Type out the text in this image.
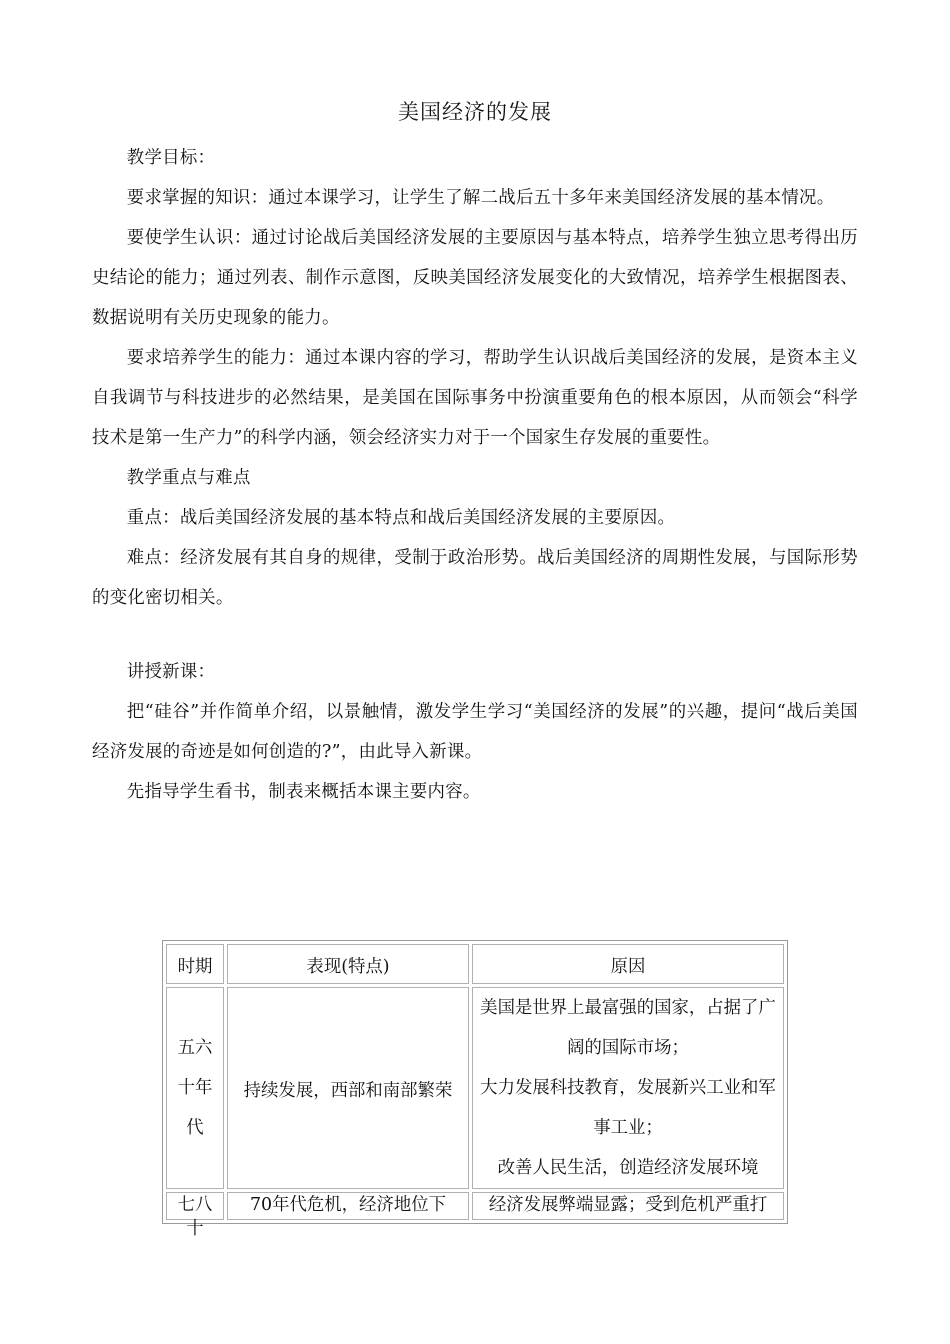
美国经济的发展

教学目标：

要求掌握的知识：通过本课学习，让学生了解二战后五十多年来美国经济发展的基本情况。

要使学生认识：通过讨论战后美国经济发展的主要原因与基本特点，培养学生独立思考得出历史结论的能力；通过列表、制作示意图，反映美国经济发展变化的大致情况，培养学生根据图表、数据说明有关历史现象的能力。

要求培养学生的能力：通过本课内容的学习，帮助学生认识战后美国经济的发展，是资本主义自我调节与科技进步的必然结果，是美国在国际事务中扮演重要角色的根本原因，从而领会“科学技术是第一生产力”的科学内涵，领会经济实力对于一个国家生存发展的重要性。

教学重点与难点

重点：战后美国经济发展的基本特点和战后美国经济发展的主要原因。

难点：经济发展有其自身的规律，受制于政治形势。战后美国经济的周期性发展，与国际形势的变化密切相关。

讲授新课：

把“硅谷”并作简单介绍，以景触情，激发学生学习“美国经济的发展”的兴趣，提问“战后美国经济发展的奇迹是如何创造的?”，由此导入新课。

先指导学生看书，制表来概括本课主要内容。

时期	表现(特点)	原因
五六十年代	持续发展，西部和南部繁荣	美国是世界上最富强的国家，占据了广阔的国际市场；
大力发展科技教育，发展新兴工业和军事工业；
改善人民生活，创造经济发展环境

七八十	70年代危机，经济地位下	经济发展弊端显露；受到危机严重打
